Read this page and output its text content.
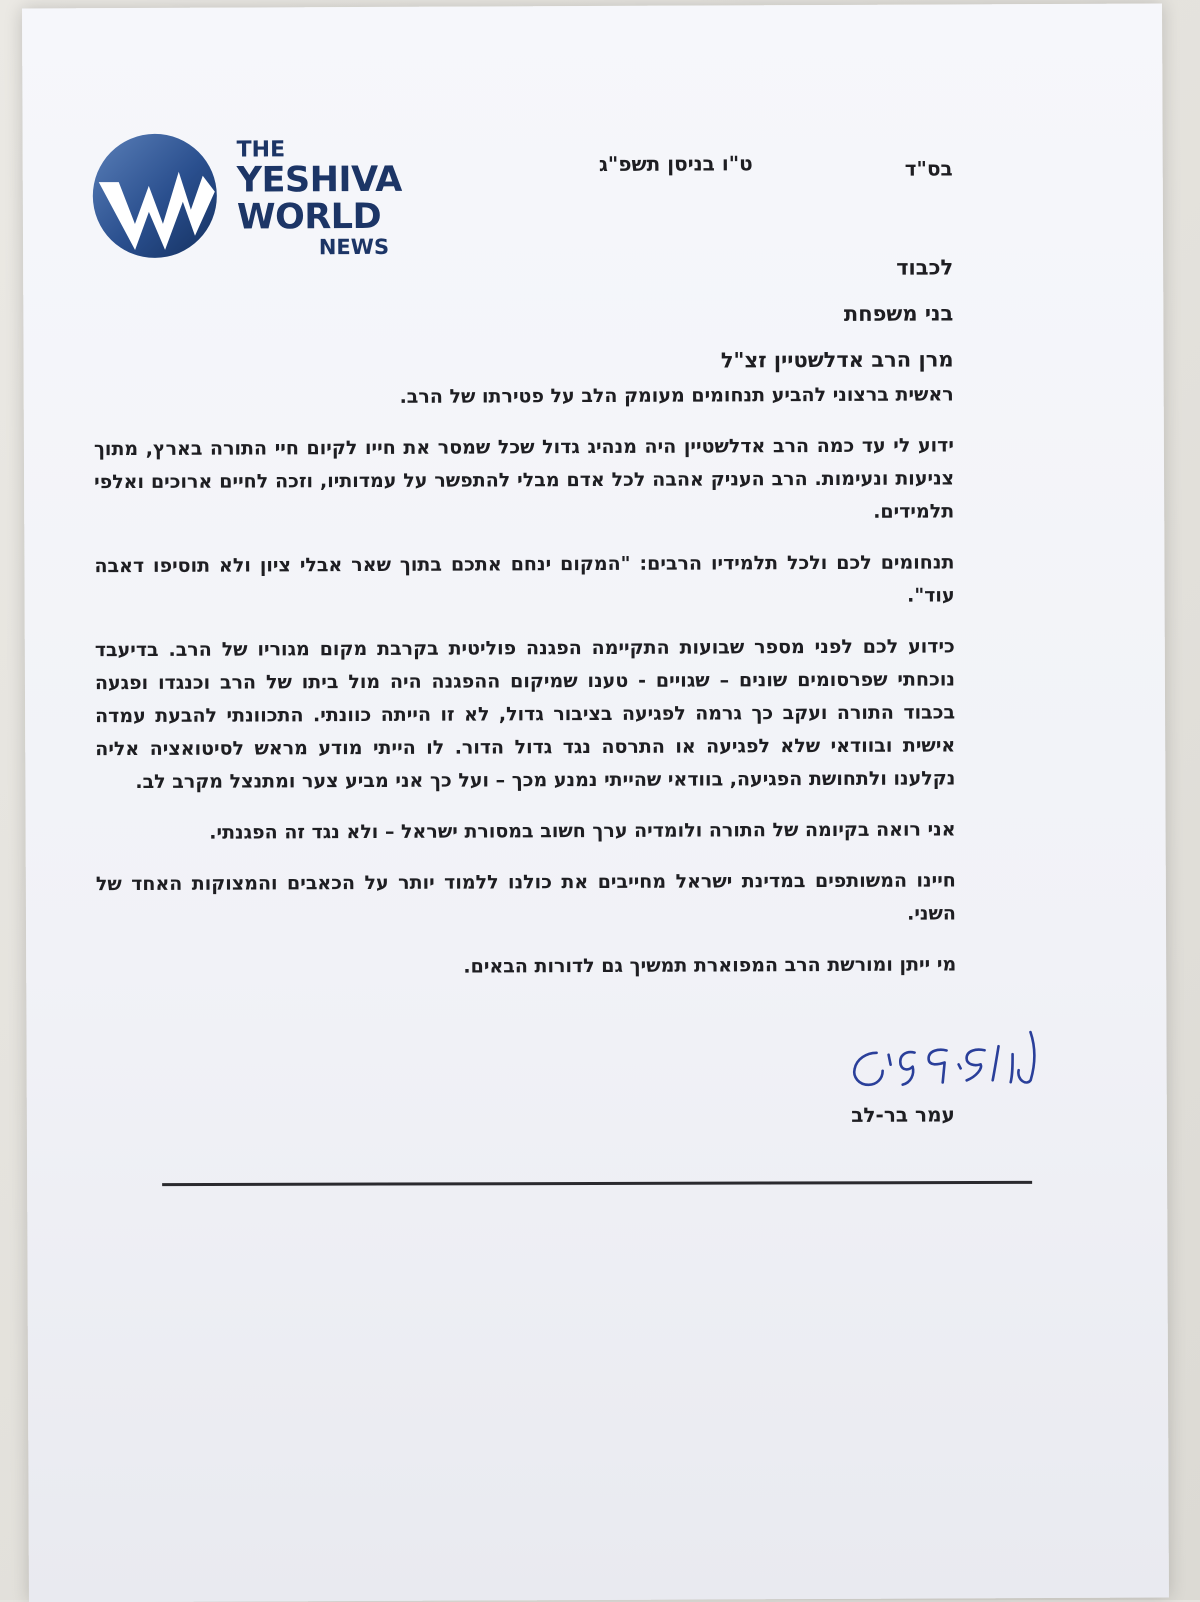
THE
YESHIVA
WORLD
NEWS
בס"ד
ט"ו בניסן תשפ"ג
לכבוד
בני משפחת
מרן הרב אדלשטיין זצ"ל

ראשית ברצוני להביע תנחומים מעומק הלב על פטירתו של הרב.

ידוע לי עד כמה הרב אדלשטיין היה מנהיג גדול שכל שמסר את חייו לקיום חיי התורה בארץ, מתוך צניעות ונעימות. הרב העניק אהבה לכל אדם מבלי להתפשר על עמדותיו, וזכה לחיים ארוכים ואלפי תלמידים.

תנחומים לכם ולכל תלמידיו הרבים: "המקום ינחם אתכם בתוך שאר אבלי ציון ולא תוסיפו דאבה עוד".

כידוע לכם לפני מספר שבועות התקיימה הפגנה פוליטית בקרבת מקום מגוריו של הרב. בדיעבד נוכחתי שפרסומים שונים – שגויים - טענו שמיקום ההפגנה היה מול ביתו של הרב וכנגדו ופגעה בכבוד התורה ועקב כך גרמה לפגיעה בציבור גדול, לא זו הייתה כוונתי. התכוונתי להבעת עמדה אישית ובוודאי שלא לפגיעה או התרסה נגד גדול הדור. לו הייתי מודע מראש לסיטואציה אליה נקלענו ולתחושת הפגיעה, בוודאי שהייתי נמנע מכך – ועל כך אני מביע צער ומתנצל מקרב לב.

אני רואה בקיומה של התורה ולומדיה ערך חשוב במסורת ישראל – ולא נגד זה הפגנתי.

חיינו המשותפים במדינת ישראל מחייבים את כולנו ללמוד יותר על הכאבים והמצוקות האחד של השני.

מי ייתן ומורשת הרב המפוארת תמשיך גם לדורות הבאים.

עמר בר-לב
